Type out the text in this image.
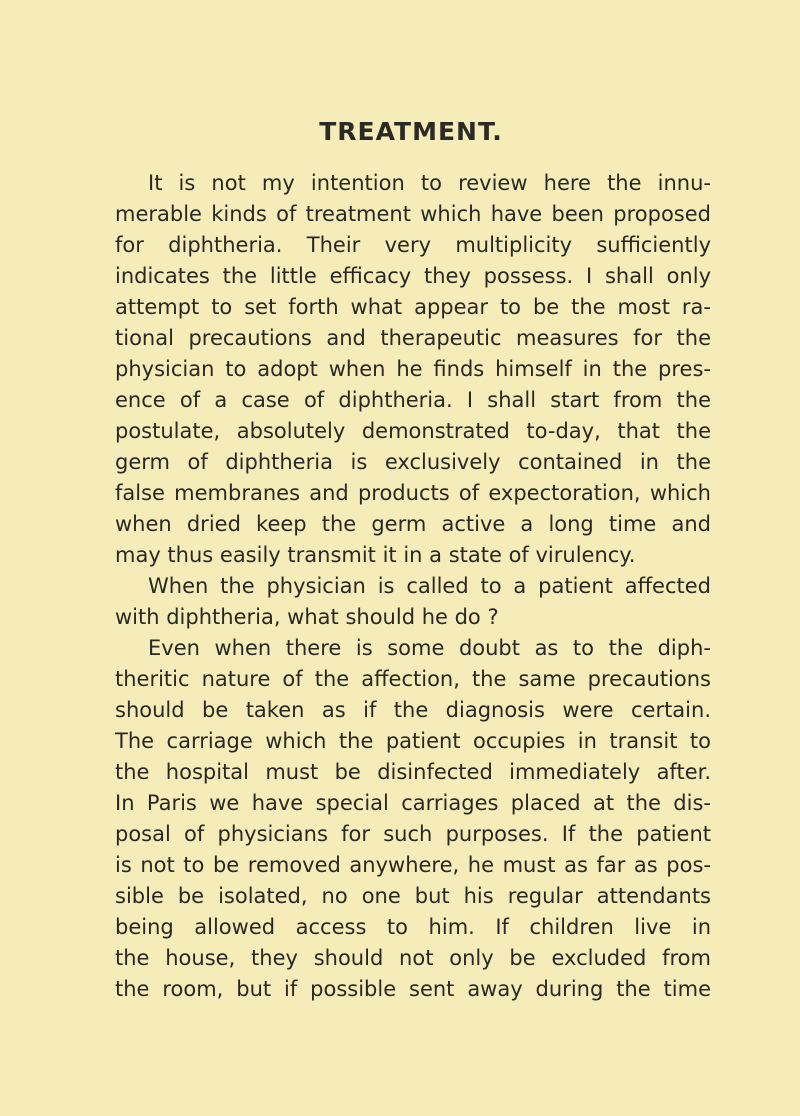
TREATMENT.

It is not my intention to review here the innu-

merable kinds of treatment which have been proposed

for diphtheria. Their very multiplicity sufficiently

indicates the little efficacy they possess. I shall only

attempt to set forth what appear to be the most ra-

tional precautions and therapeutic measures for the

physician to adopt when he finds himself in the pres-

ence of a case of diphtheria. I shall start from the

postulate, absolutely demonstrated to-day, that the

germ of diphtheria is exclusively contained in the

false membranes and products of expectoration, which

when dried keep the germ active a long time and

may thus easily transmit it in a state of virulency.

When the physician is called to a patient affected

with diphtheria, what should he do ?

Even when there is some doubt as to the diph-

theritic nature of the affection, the same precautions

should be taken as if the diagnosis were certain.

The carriage which the patient occupies in transit to

the hospital must be disinfected immediately after.

In Paris we have special carriages placed at the dis-

posal of physicians for such purposes. If the patient

is not to be removed anywhere, he must as far as pos-

sible be isolated, no one but his regular attendants

being allowed access to him. If children live in

the house, they should not only be excluded from

the room, but if possible sent away during the time
